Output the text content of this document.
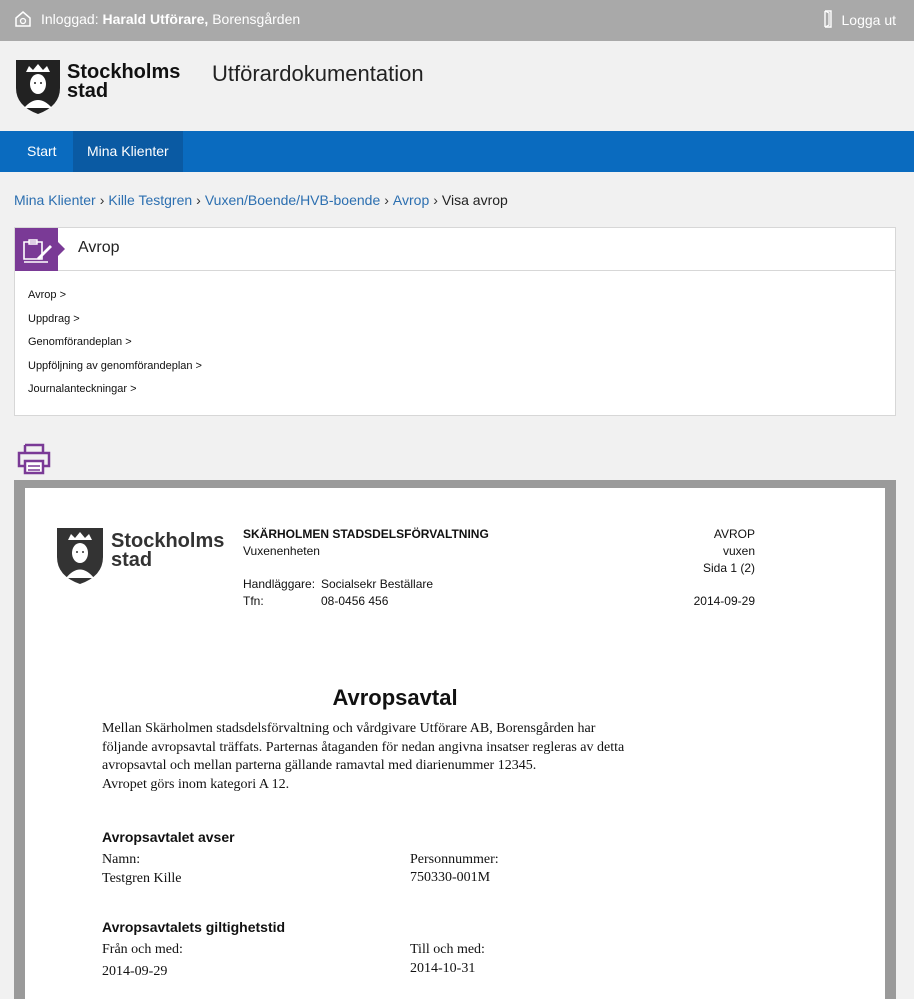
Inloggad: Harald Utförare, Borensgården	Logga ut
Stockholms
stad
Utförardokumentation
Start	Mina Klienter
Mina Klienter › Kille Testgren › Vuxen/Boende/HVB-boende › Avrop › Visa avrop
Avrop
Avrop >
Uppdrag >
Genomförandeplan >
Uppföljning av genomförandeplan >
Journalanteckningar >
Stockholms
stad
SKÄRHOLMEN STADSDELSFÖRVALTNING
Vuxenenheten
Handläggare: Socialsekr Beställare
Tfn:	08-0456 456
AVROP
vuxen
Sida 1 (2)
2014-09-29
Avropsavtal
Mellan Skärholmen stadsdelsförvaltning och vårdgivare Utförare AB, Borensgården har
följande avropsavtal träffats. Parternas åtaganden för nedan angivna insatser regleras av detta
avropsavtal och mellan parterna gällande ramavtal med diarienummer 12345.
Avropet görs inom kategori A 12.
Avropsavtalet avser
Namn:
Testgren Kille
Personnummer:
750330-001M
Avropsavtalets giltighetstid
Från och med:
2014-09-29
Till och med:
2014-10-31
